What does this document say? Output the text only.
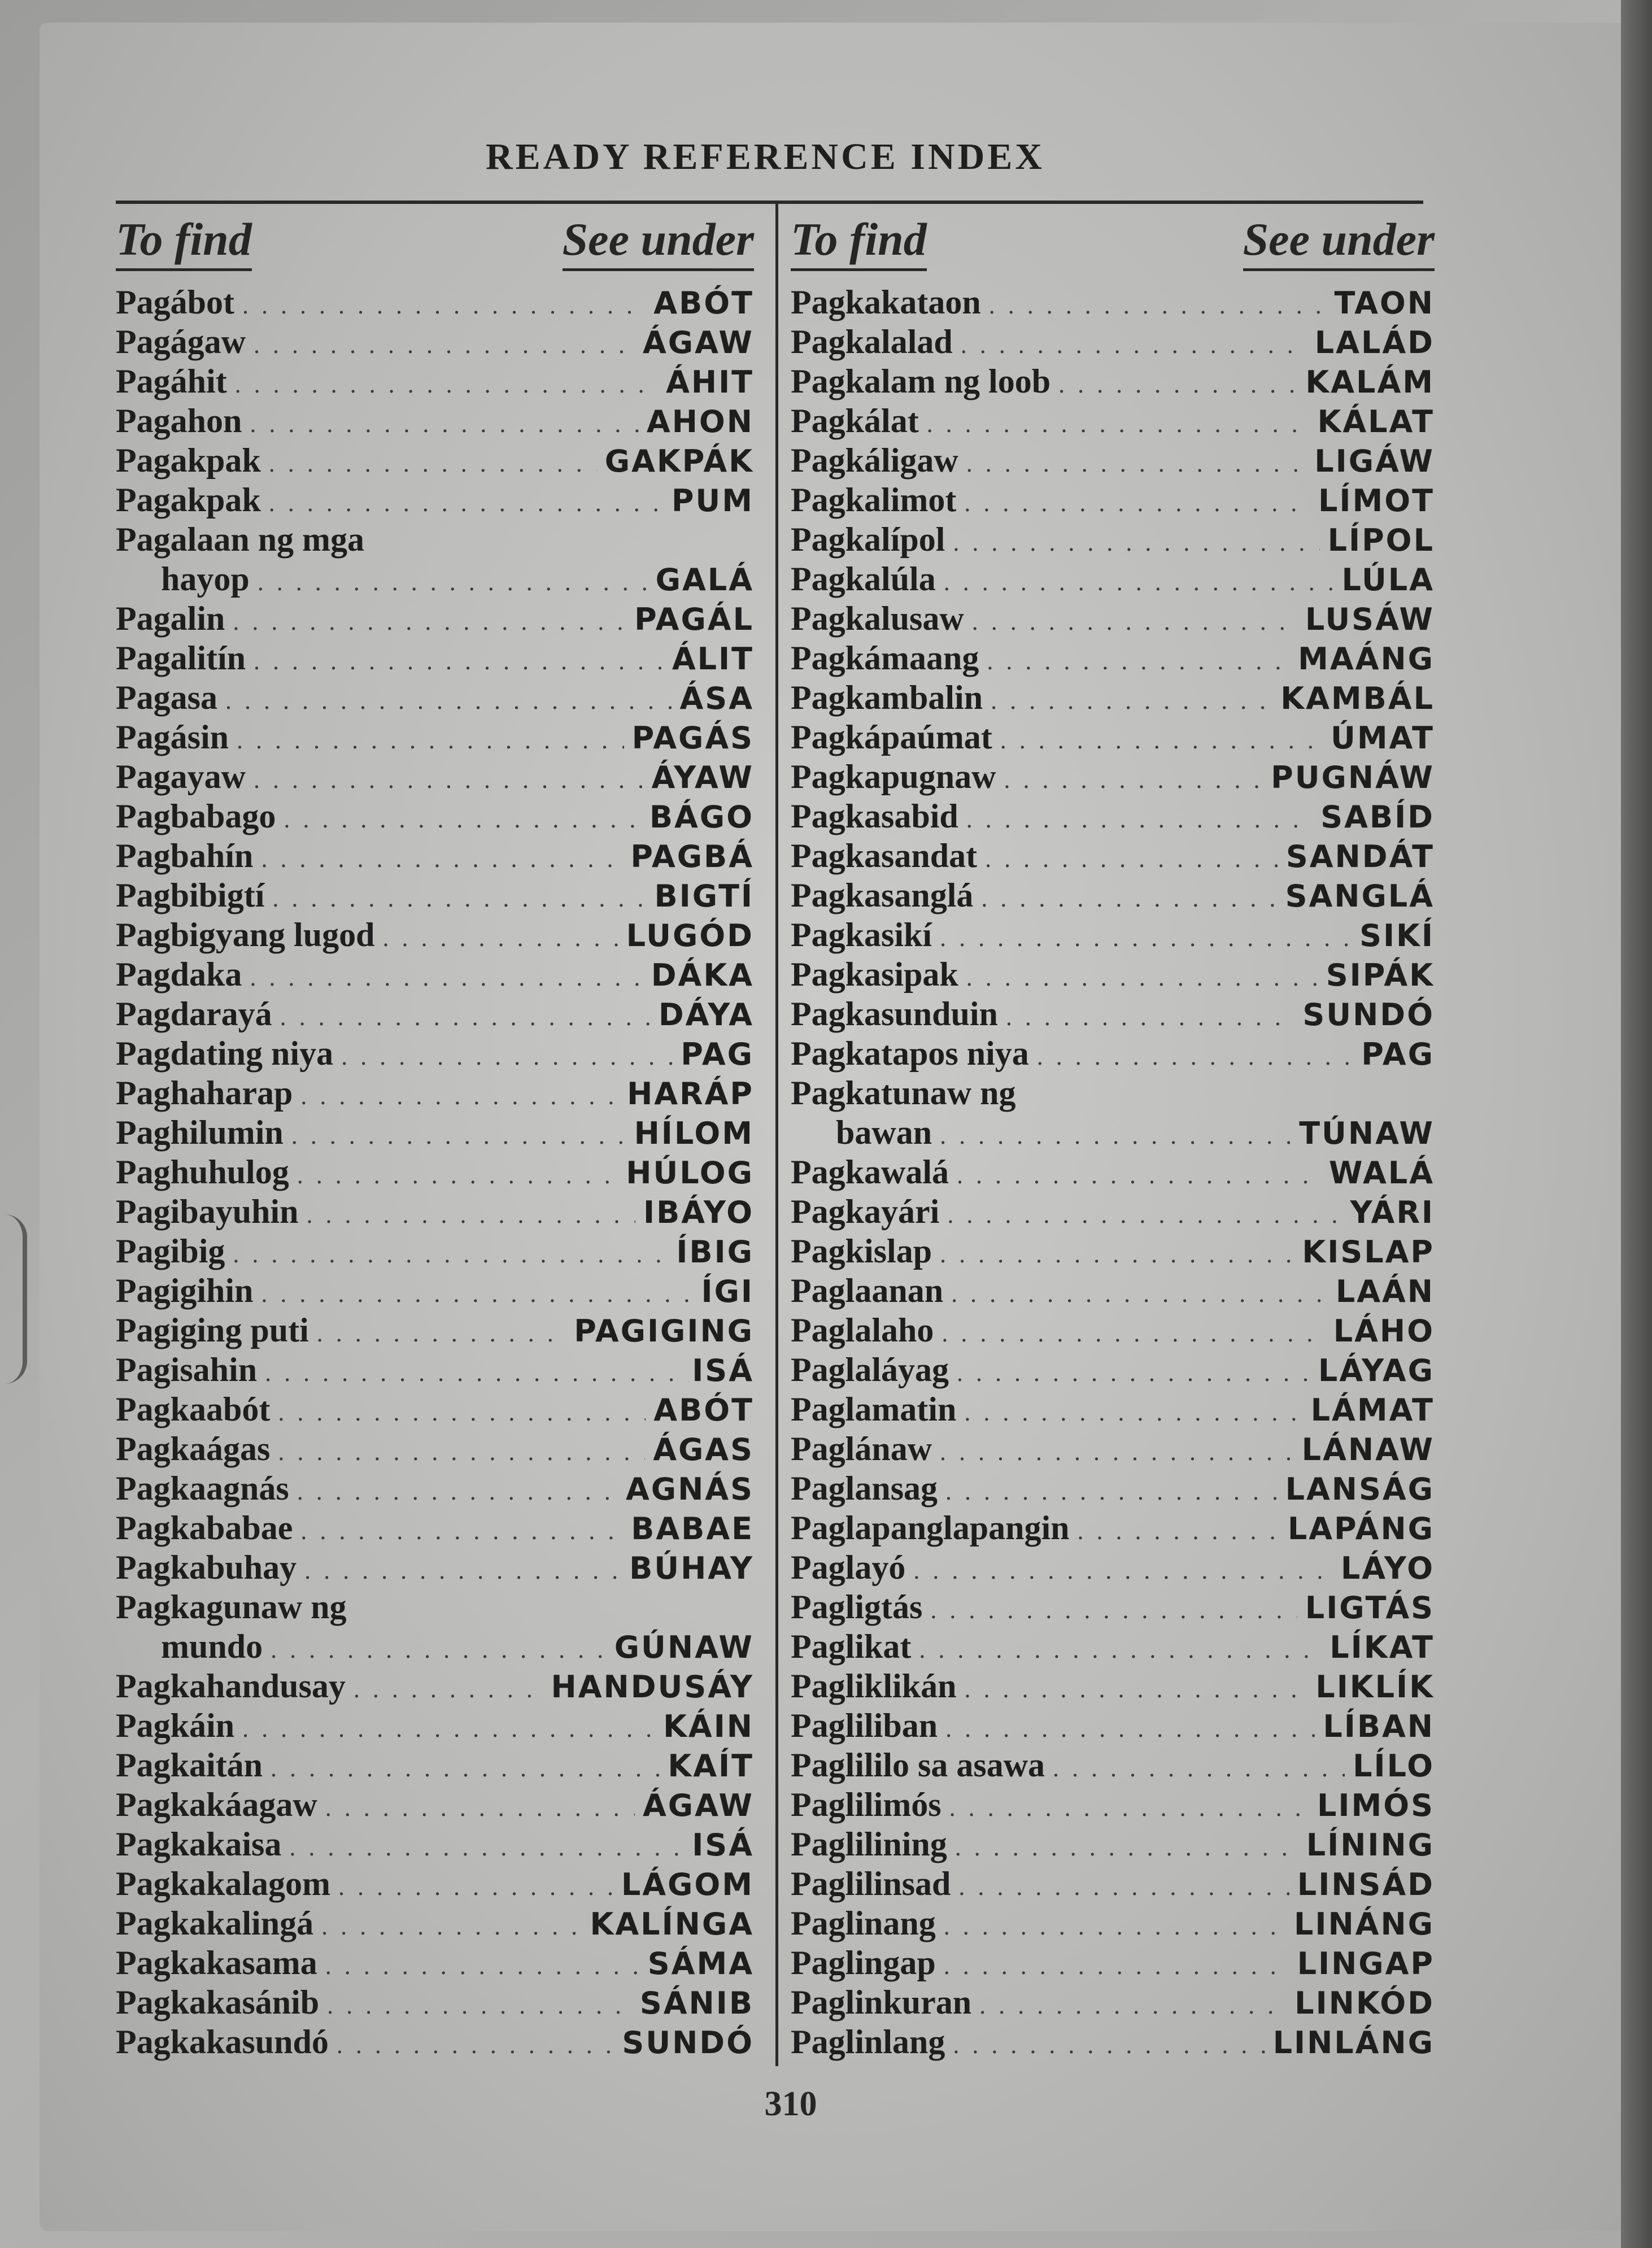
READY REFERENCE INDEX
To find	See under
Pagábot . . .	ABÓT
Pagágaw . . .	ÁGAW
Pagáhit . . .	ÁHIT
Pagahon . . .	AHON
Pagakpak . . .	GAKPÁK
Pagakpak . . .	PUM
Pagalaan ng mga
hayop . . .	GALÁ
Pagalin . . .	PAGÁL
Pagalitín . . .	ÁLIT
Pagasa . . .	ÁSA
Pagásin . . .	PAGÁS
Pagayaw . . .	ÁYAW
Pagbabago . . .	BÁGO
Pagbahín . . .	PAGBÁ
Pagbibigtí . . .	BIGTÍ
Pagbigyang lugod . . .	LUGÓD
Pagdaka . . .	DÁKA
Pagdarayá . . .	DÁYA
Pagdating niya . . .	PAG
Paghaharap . . .	HARÁP
Paghilumin . . .	HÍLOM
Paghuhulog . . .	HÚLOG
Pagibayuhin . . .	IBÁYO
Pagibig . . .	ÍBIG
Pagigihin . . .	ÍGI
Pagiging puti . . .	PAGIGING
Pagisahin . . .	ISÁ
Pagkaabót . . .	ABÓT
Pagkaágas . . .	ÁGAS
Pagkaagnás . . .	AGNÁS
Pagkababae . . .	BABAE
Pagkabuhay . . .	BÚHAY
Pagkagunaw ng
mundo . . .	GÚNAW
Pagkahandusay . . .	HANDUSÁY
Pagkáin . . .	KÁIN
Pagkaitán . . .	KAÍT
Pagkakáagaw . . .	ÁGAW
Pagkakaisa . . .	ISÁ
Pagkakalagom . . .	LÁGOM
Pagkakalingá . . .	KALÍNGA
Pagkakasama . . .	SÁMA
Pagkakasánib . . .	SÁNIB
Pagkakasundó . . .	SUNDÓ
To find	See under
Pagkakataon . . .	TAON
Pagkalalad . . .	LALÁD
Pagkalam ng loob . . .	KALÁM
Pagkálat . . .	KÁLAT
Pagkáligaw . . .	LIGÁW
Pagkalimot . . .	LÍMOT
Pagkalípol . . .	LÍPOL
Pagkalúla . . .	LÚLA
Pagkalusaw . . .	LUSÁW
Pagkámaang . . .	MAÁNG
Pagkambalin . . .	KAMBÁL
Pagkápaúmat . . .	ÚMAT
Pagkapugnaw . . .	PUGNÁW
Pagkasabid . . .	SABÍD
Pagkasandat . . .	SANDÁT
Pagkasanglá . . .	SANGLÁ
Pagkasikí . . .	SIKÍ
Pagkasipak . . .	SIPÁK
Pagkasunduin . . .	SUNDÓ
Pagkatapos niya . . .	PAG
Pagkatunaw ng
bawan . . .	TÚNAW
Pagkawalá . . .	WALÁ
Pagkayári . . .	YÁRI
Pagkislap . . .	KISLAP
Paglaanan . . .	LAÁN
Paglalaho . . .	LÁHO
Paglaláyag . . .	LÁYAG
Paglamatin . . .	LÁMAT
Paglánaw . . .	LÁNAW
Paglansag . . .	LANSÁG
Paglapanglapangin . . .	LAPÁNG
Paglayó . . .	LÁYO
Pagligtás . . .	LIGTÁS
Paglikat . . .	LÍKAT
Pagliklikán . . .	LIKLÍK
Pagliliban . . .	LÍBAN
Paglililo sa asawa . . .	LÍLO
Paglilimós . . .	LIMÓS
Paglilining . . .	LÍNING
Paglilinsad . . .	LINSÁD
Paglinang . . .	LINÁNG
Paglingap . . .	LINGAP
Paglinkuran . . .	LINKÓD
Paglinlang . . .	LINLÁNG
310
